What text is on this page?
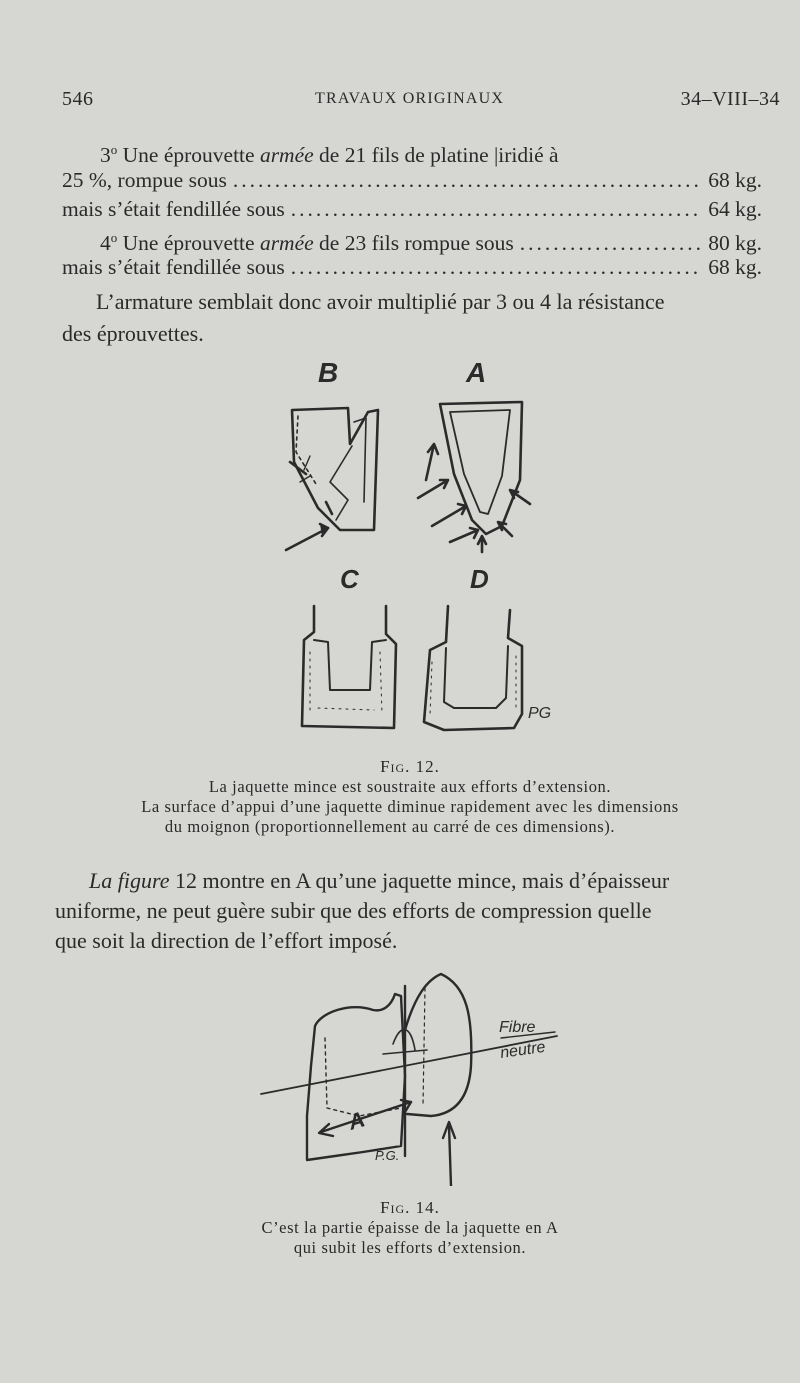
546	TRAVAUX ORIGINAUX	34–VIII–34
3$^o$ Une éprouvette armée de 21 fils de platine |iridié à
25 %, rompue sous .....	68 kg.
mais s’était fendillée sous .....	64 kg.
4$^o$ Une éprouvette armée de 23 fils rompue sous .....	80 kg.
mais s’était fendillée sous .....	68 kg.
L’armature semblait donc avoir multiplié par 3 ou 4 la résistance
des éprouvettes.
B	A
C	D
PG
Fig. 12.
La jaquette mince est soustraite aux efforts d’extension.
La surface d’appui d’une jaquette diminue rapidement avec les dimensions
du moignon (proportionnellement au carré de ces dimensions).
La figure 12 montre en A qu’une jaquette mince, mais d’épaisseur
uniforme, ne peut guère subir que des efforts de compression quelle
que soit la direction de l’effort imposé.
Fibre
neutre
A
P.G.
Fig. 14.
C’est la partie épaisse de la jaquette en A
qui subit les efforts d’extension.
